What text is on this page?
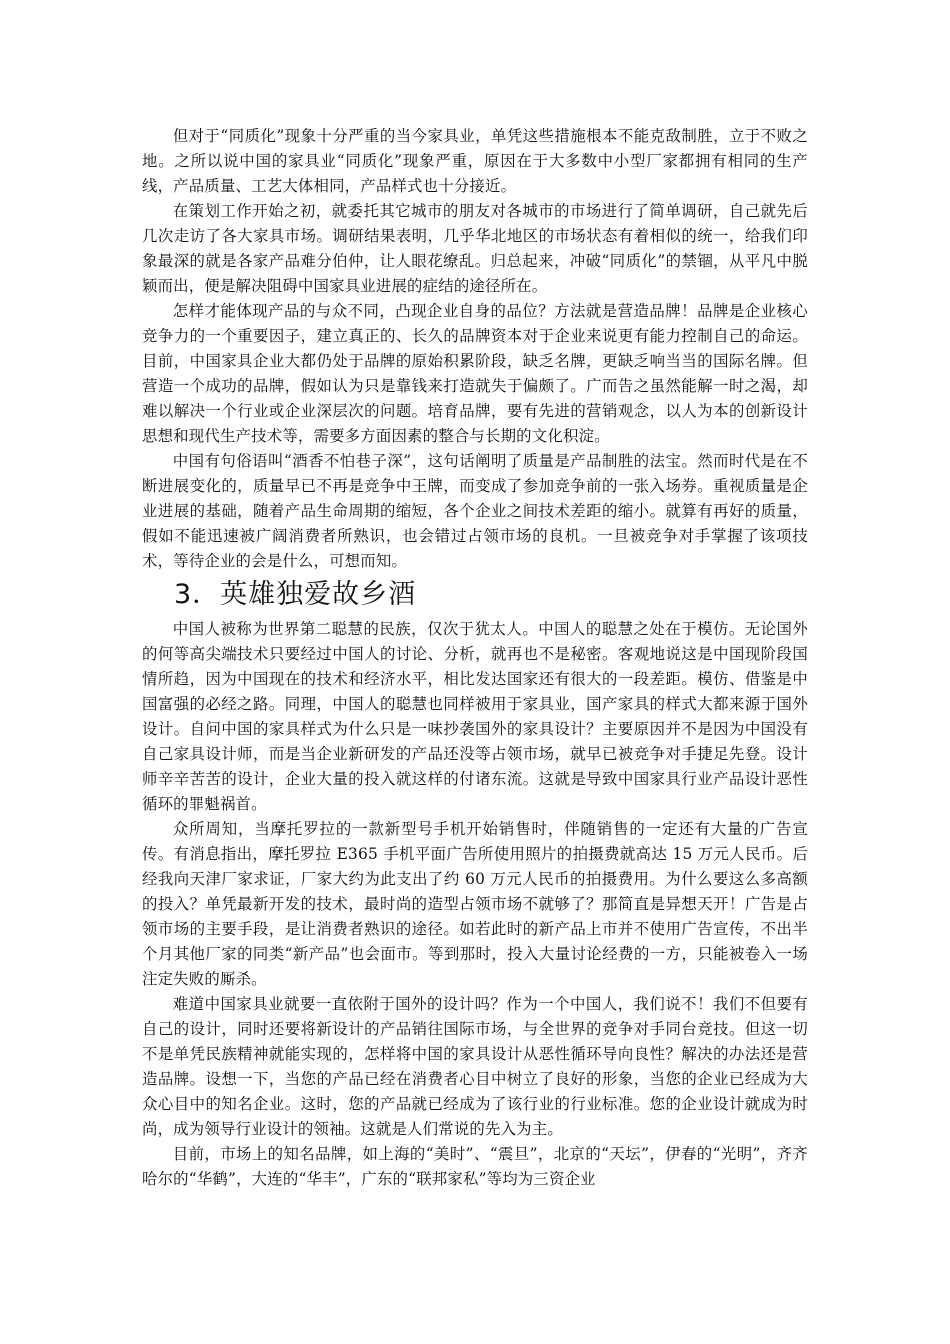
但对于“同质化”现象十分严重的当今家具业，单凭这些措施根本不能克敌制胜，立于不败之地。之所以说中国的家具业“同质化”现象严重，原因在于大多数中小型厂家都拥有相同的生产线，产品质量、工艺大体相同，产品样式也十分接近。

在策划工作开始之初，就委托其它城市的朋友对各城市的市场进行了简单调研，自己就先后几次走访了各大家具市场。调研结果表明，几乎华北地区的市场状态有着相似的统一，给我们印象最深的就是各家产品难分伯仲，让人眼花缭乱。归总起来，冲破“同质化”的禁锢，从平凡中脱颖而出，便是解决阻碍中国家具业进展的症结的途径所在。

怎样才能体现产品的与众不同，凸现企业自身的品位？方法就是营造品牌！品牌是企业核心竞争力的一个重要因子，建立真正的、长久的品牌资本对于企业来说更有能力控制自己的命运。目前，中国家具企业大都仍处于品牌的原始积累阶段，缺乏名牌，更缺乏响当当的国际名牌。但营造一个成功的品牌，假如认为只是靠钱来打造就失于偏颇了。广而告之虽然能解一时之渴，却难以解决一个行业或企业深层次的问题。培育品牌，要有先进的营销观念，以人为本的创新设计思想和现代生产技术等，需要多方面因素的整合与长期的文化积淀。

中国有句俗语叫“酒香不怕巷子深”，这句话阐明了质量是产品制胜的法宝。然而时代是在不断进展变化的，质量早已不再是竞争中王牌，而变成了参加竞争前的一张入场券。重视质量是企业进展的基础，随着产品生命周期的缩短，各个企业之间技术差距的缩小。就算有再好的质量，假如不能迅速被广阔消费者所熟识，也会错过占领市场的良机。一旦被竞争对手掌握了该项技术，等待企业的会是什么，可想而知。

3．英雄独爱故乡酒

中国人被称为世界第二聪慧的民族，仅次于犹太人。中国人的聪慧之处在于模仿。无论国外的何等高尖端技术只要经过中国人的讨论、分析，就再也不是秘密。客观地说这是中国现阶段国情所趋，因为中国现在的技术和经济水平，相比发达国家还有很大的一段差距。模仿、借鉴是中国富强的必经之路。同理，中国人的聪慧也同样被用于家具业，国产家具的样式大都来源于国外设计。自问中国的家具样式为什么只是一味抄袭国外的家具设计？主要原因并不是因为中国没有自己家具设计师，而是当企业新研发的产品还没等占领市场，就早已被竞争对手捷足先登。设计师辛辛苦苦的设计，企业大量的投入就这样的付诸东流。这就是导致中国家具行业产品设计恶性循环的罪魁祸首。

众所周知，当摩托罗拉的一款新型号手机开始销售时，伴随销售的一定还有大量的广告宣传。有消息指出，摩托罗拉 E365 手机平面广告所使用照片的拍摄费就高达 15 万元人民币。后经我向天津厂家求证，厂家大约为此支出了约 60 万元人民币的拍摄费用。为什么要这么多高额的投入？单凭最新开发的技术，最时尚的造型占领市场不就够了？那简直是异想天开！广告是占领市场的主要手段，是让消费者熟识的途径。如若此时的新产品上市并不使用广告宣传，不出半个月其他厂家的同类“新产品”也会面市。等到那时，投入大量讨论经费的一方，只能被卷入一场注定失败的厮杀。

难道中国家具业就要一直依附于国外的设计吗？作为一个中国人，我们说不！我们不但要有自己的设计，同时还要将新设计的产品销往国际市场，与全世界的竞争对手同台竞技。但这一切不是单凭民族精神就能实现的，怎样将中国的家具设计从恶性循环导向良性？解决的办法还是营造品牌。设想一下，当您的产品已经在消费者心目中树立了良好的形象，当您的企业已经成为大众心目中的知名企业。这时，您的产品就已经成为了该行业的行业标准。您的企业设计就成为时尚，成为领导行业设计的领袖。这就是人们常说的先入为主。

目前，市场上的知名品牌，如上海的“美时”、“震旦”，北京的“天坛”，伊春的“光明”，齐齐哈尔的“华鹤”，大连的“华丰”，广东的“联邦家私”等均为三资企业
